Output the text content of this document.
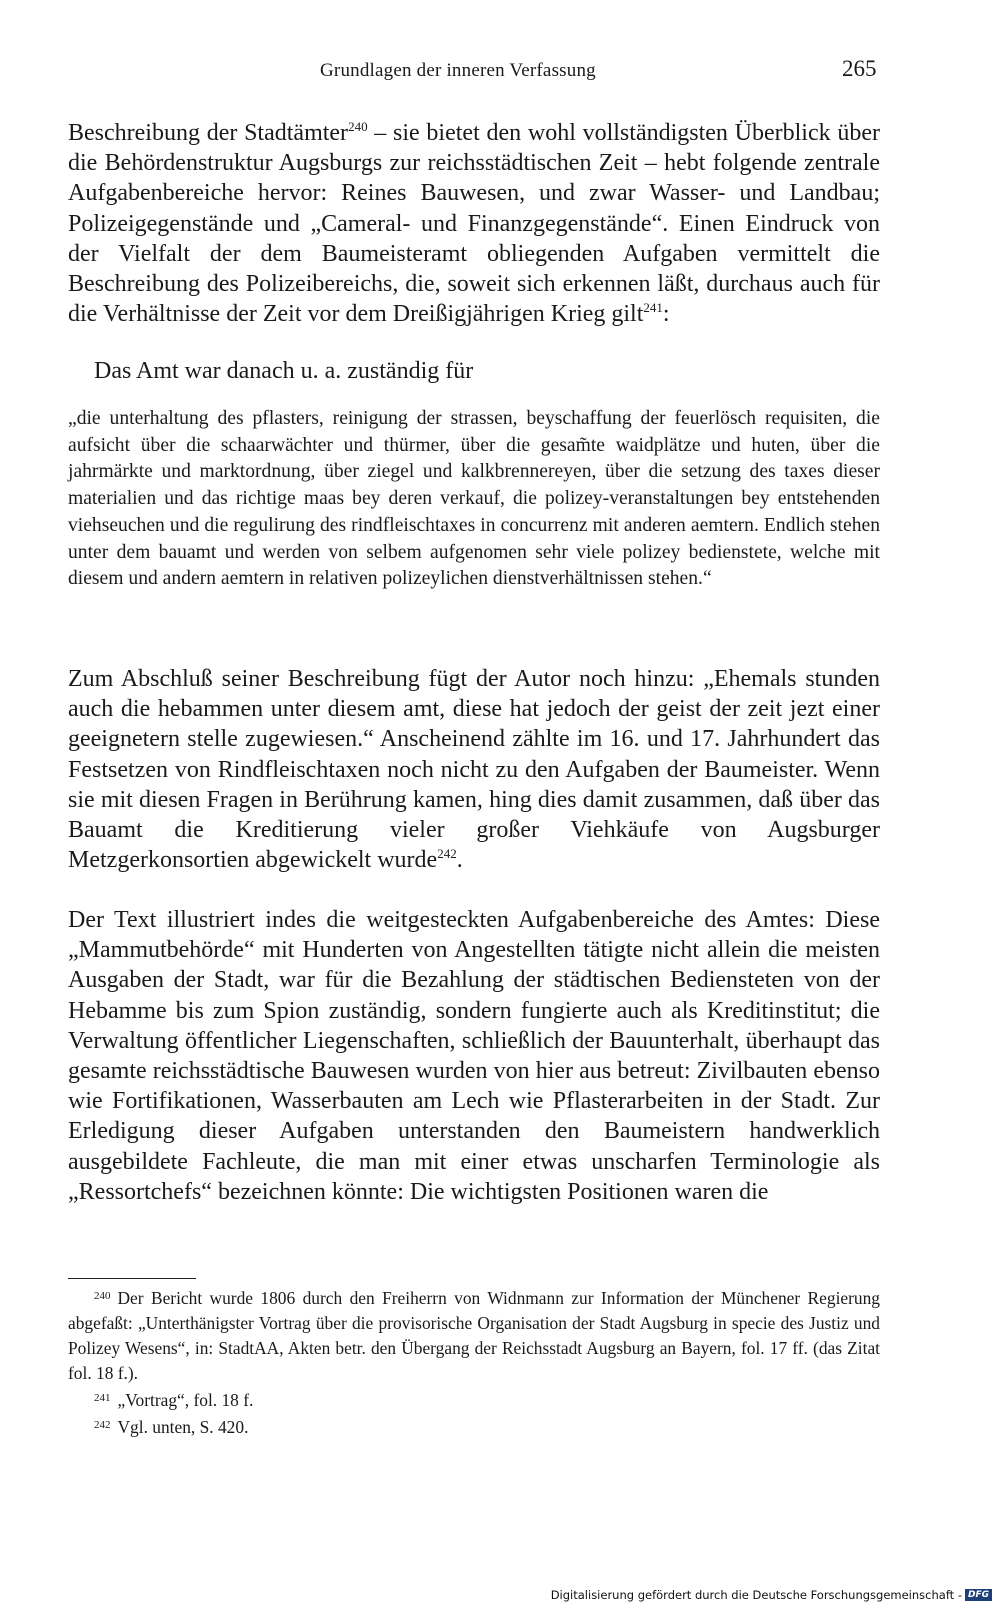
Grundlagen der inneren Verfassung	265

Beschreibung der Stadtämter$^{240}$ – sie bietet den wohl vollständigsten Überblick über die Behördenstruktur Augsburgs zur reichsstädtischen Zeit – hebt folgende zentrale Aufgabenbereiche hervor: Reines Bauwesen, und zwar Wasser- und Landbau; Polizeigegenstände und „Cameral- und Finanzgegenstände“. Einen Eindruck von der Vielfalt der dem Baumeisteramt obliegenden Aufgaben vermittelt die Beschreibung des Polizeibereichs, die, soweit sich erkennen läßt, durchaus auch für die Verhältnisse der Zeit vor dem Dreißigjährigen Krieg gilt$^{241}$:

Das Amt war danach u. a. zuständig für

„die unterhaltung des pflasters, reinigung der strassen, beyschaffung der feuerlösch requisiten, die aufsicht über die schaarwächter und thürmer, über die gesam̃te waidplätze und huten, über die jahrmärkte und marktordnung, über ziegel und kalkbrennereyen, über die setzung des taxes dieser materialien und das richtige maas bey deren verkauf, die polizey-veranstaltungen bey entstehenden viehseuchen und die regulirung des rindfleischtaxes in concurrenz mit anderen aemtern. Endlich stehen unter dem bauamt und werden von selbem aufgenomen sehr viele polizey bedienstete, welche mit diesem und andern aemtern in relativen polizeylichen dienstverhältnissen stehen.“

Zum Abschluß seiner Beschreibung fügt der Autor noch hinzu: „Ehemals stunden auch die hebammen unter diesem amt, diese hat jedoch der geist der zeit jezt einer geeignetern stelle zugewiesen.“ Anscheinend zählte im 16. und 17. Jahrhundert das Festsetzen von Rindfleischtaxen noch nicht zu den Aufgaben der Baumeister. Wenn sie mit diesen Fragen in Berührung kamen, hing dies damit zusammen, daß über das Bauamt die Kreditierung vieler großer Viehkäufe von Augsburger Metzgerkonsortien abgewickelt wurde$^{242}$.

Der Text illustriert indes die weitgesteckten Aufgabenbereiche des Amtes: Diese „Mammutbehörde“ mit Hunderten von Angestellten tätigte nicht allein die meisten Ausgaben der Stadt, war für die Bezahlung der städtischen Bediensteten von der Hebamme bis zum Spion zuständig, sondern fungierte auch als Kreditinstitut; die Verwaltung öffentlicher Liegenschaften, schließlich der Bauunterhalt, überhaupt das gesamte reichsstädtische Bauwesen wurden von hier aus betreut: Zivilbauten ebenso wie Fortifikationen, Wasserbauten am Lech wie Pflasterarbeiten in der Stadt. Zur Erledigung dieser Aufgaben unterstanden den Baumeistern handwerklich ausgebildete Fachleute, die man mit einer etwas unscharfen Terminologie als „Ressortchefs“ bezeichnen könnte: Die wichtigsten Positionen waren die

$^{240}$ Der Bericht wurde 1806 durch den Freiherrn von Widnmann zur Information der Münchener Regierung abgefaßt: „Unterthänigster Vortrag über die provisorische Organisation der Stadt Augsburg in specie des Justiz und Polizey Wesens“, in: StadtAA, Akten betr. den Übergang der Reichsstadt Augsburg an Bayern, fol. 17 ff. (das Zitat fol. 18 f.).

$^{241}$ „Vortrag“, fol. 18 f.

$^{242}$ Vgl. unten, S. 420.

Digitalisierung gefördert durch die Deutsche Forschungsgemeinschaft - DFG
